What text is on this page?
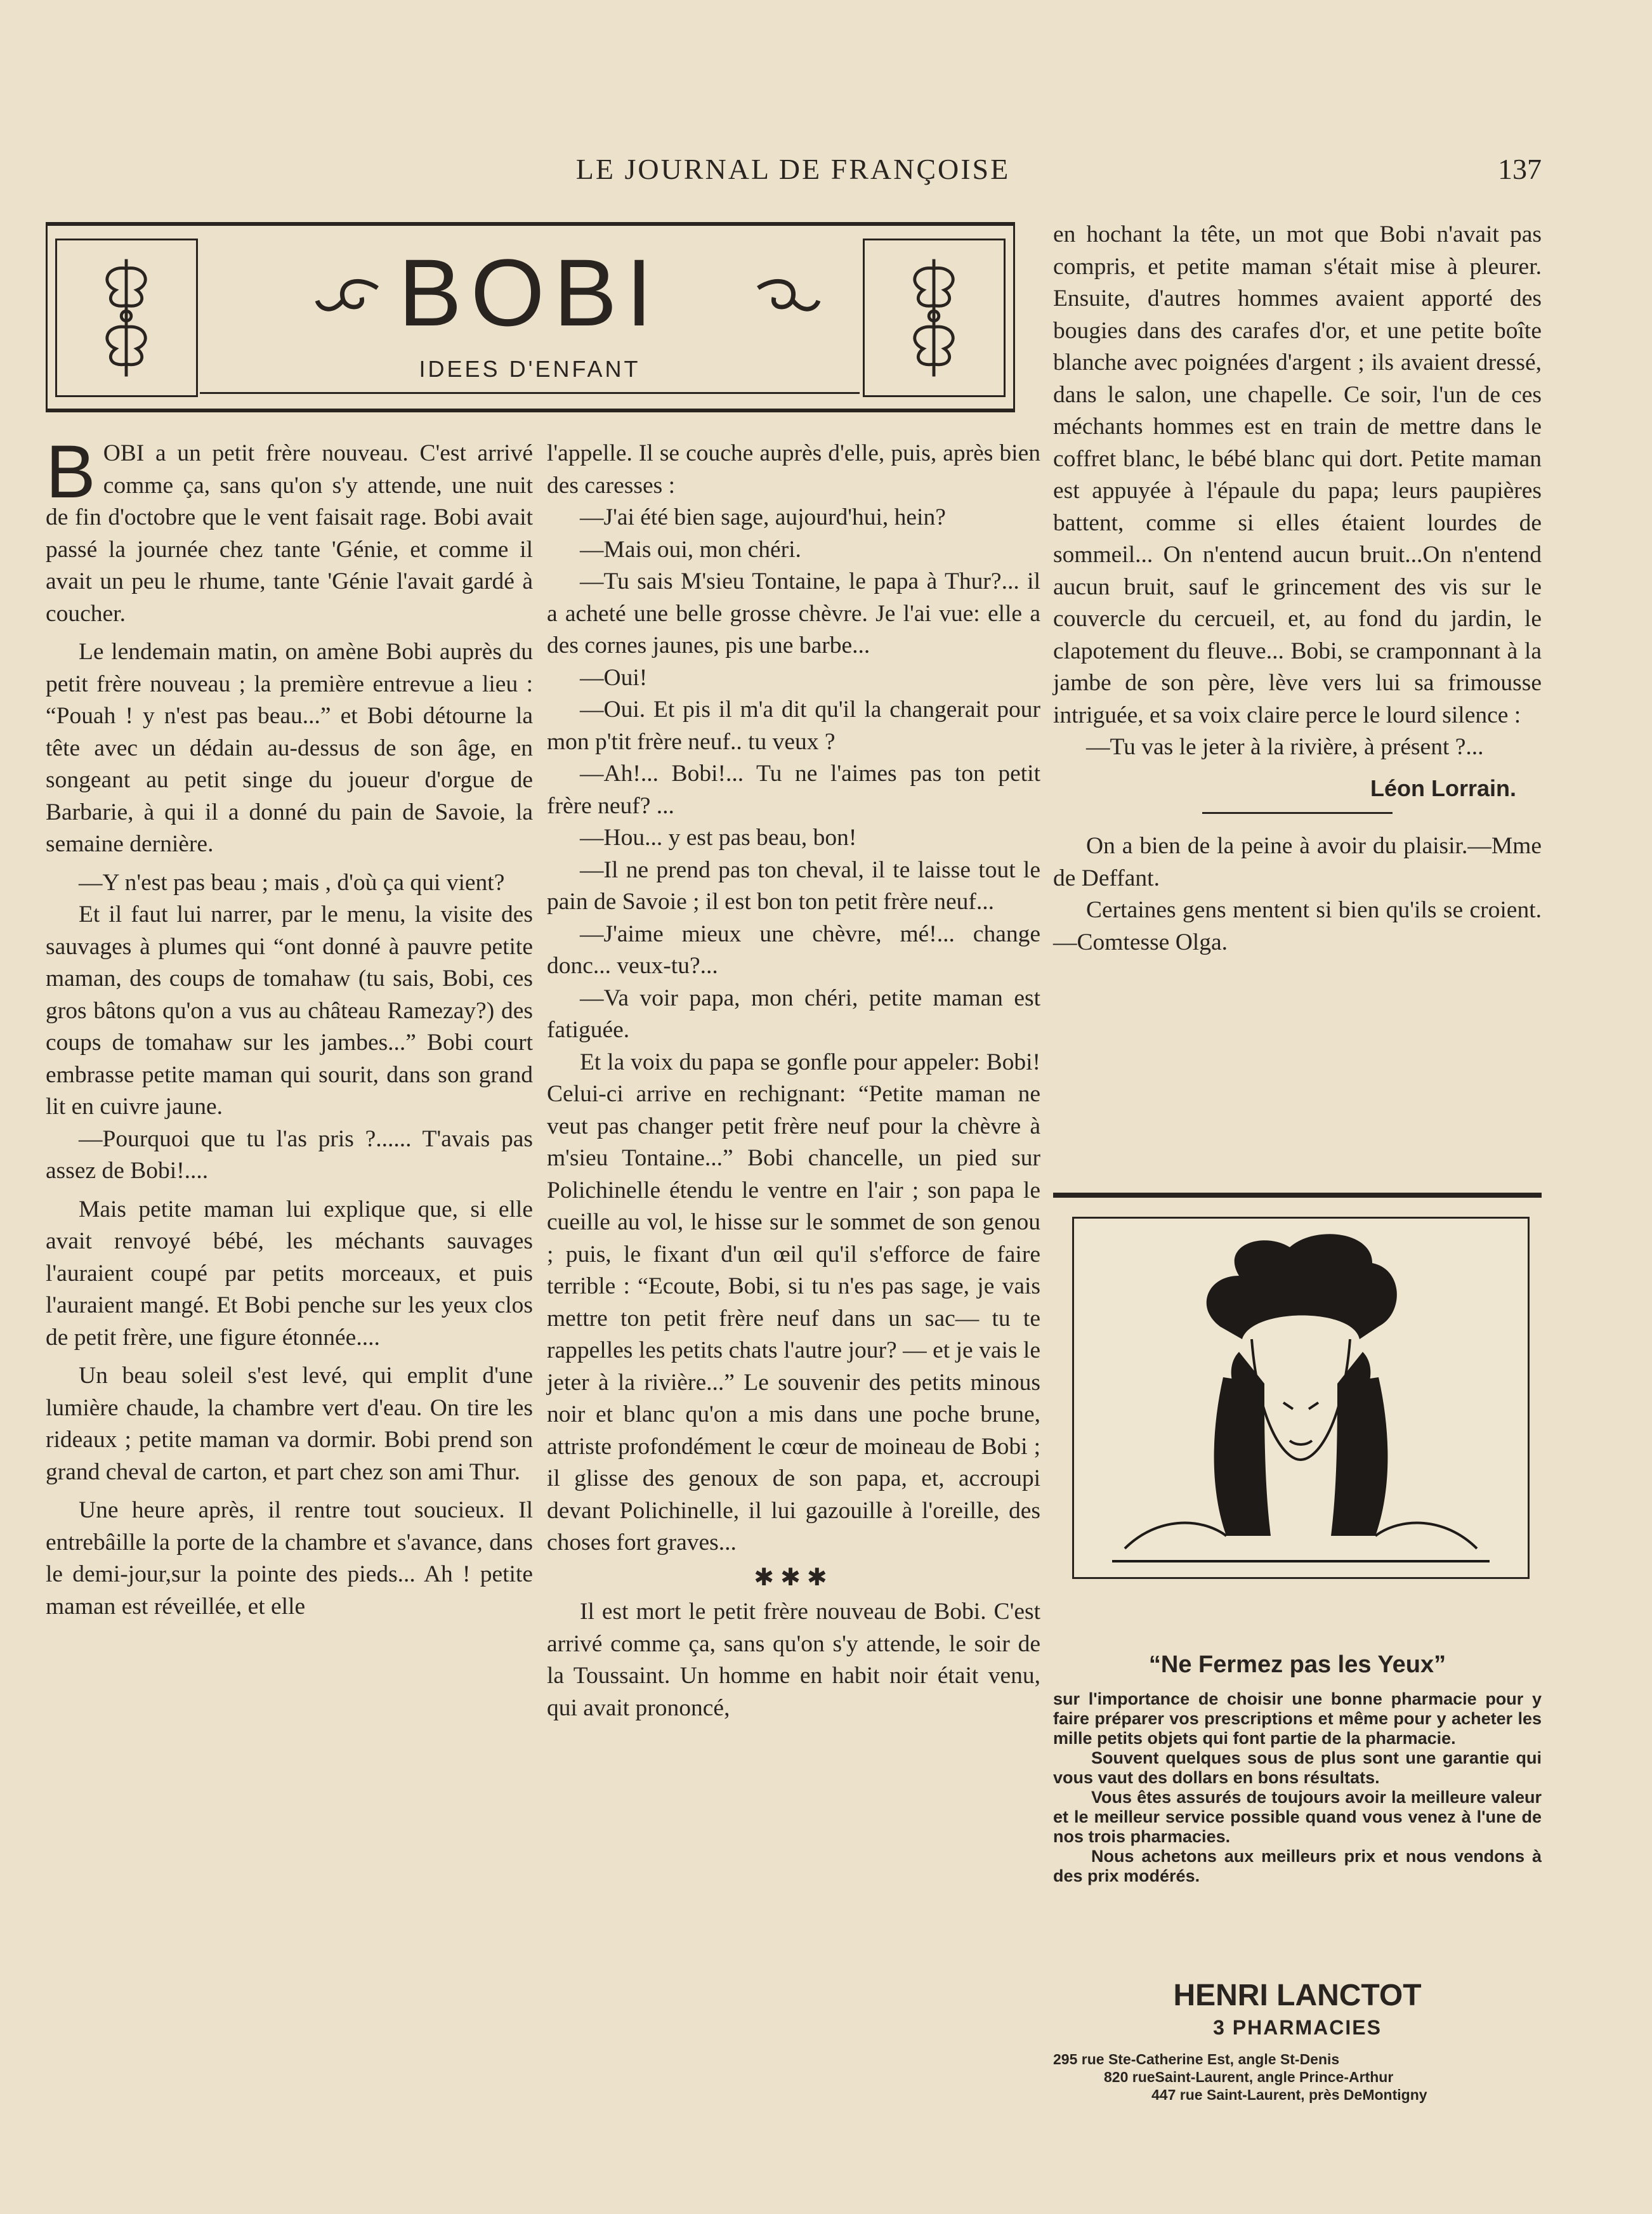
LE JOURNAL DE FRANÇOISE	137
BOBI
IDEES D'ENFANT

BOBI a un petit frère nouveau. C'est arrivé comme ça, sans qu'on s'y attende, une nuit de fin d'octobre que le vent faisait rage. Bobi avait passé la journée chez tante 'Génie, et comme il avait un peu le rhume, tante 'Génie l'avait gardé à coucher.

Le lendemain matin, on amène Bobi auprès du petit frère nouveau ; la première entrevue a lieu : “Pouah ! y n'est pas beau...” et Bobi détourne la tête avec un dédain au-dessus de son âge, en songeant au petit singe du joueur d'orgue de Barbarie, à qui il a donné du pain de Savoie, la semaine dernière.

—Y n'est pas beau ; mais , d'où ça qui vient?

Et il faut lui narrer, par le menu, la visite des sauvages à plumes qui “ont donné à pauvre petite maman, des coups de tomahaw (tu sais, Bobi, ces gros bâtons qu'on a vus au château Ramezay?) des coups de tomahaw sur les jambes...” Bobi court embrasse petite maman qui sourit, dans son grand lit en cuivre jaune.

—Pourquoi que tu l'as pris ?...... T'avais pas assez de Bobi!....

Mais petite maman lui explique que, si elle avait renvoyé bébé, les méchants sauvages l'auraient coupé par petits morceaux, et puis l'auraient mangé. Et Bobi penche sur les yeux clos de petit frère, une figure étonnée....

Un beau soleil s'est levé, qui emplit d'une lumière chaude, la chambre vert d'eau. On tire les rideaux ; petite maman va dormir. Bobi prend son grand cheval de carton, et part chez son ami Thur.

Une heure après, il rentre tout soucieux. Il entrebâille la porte de la chambre et s'avance, dans le demi-jour,sur la pointe des pieds... Ah ! petite maman est réveillée, et elle

l'appelle. Il se couche auprès d'elle, puis, après bien des caresses :

—J'ai été bien sage, aujourd'hui, hein?

—Mais oui, mon chéri.

—Tu sais M'sieu Tontaine, le papa à Thur?... il a acheté une belle grosse chèvre. Je l'ai vue: elle a des cornes jaunes, pis une barbe...

—Oui!

—Oui. Et pis il m'a dit qu'il la changerait pour mon p'tit frère neuf.. tu veux ?

—Ah!... Bobi!... Tu ne l'aimes pas ton petit frère neuf? ...

—Hou... y est pas beau, bon!

—Il ne prend pas ton cheval, il te laisse tout le pain de Savoie ; il est bon ton petit frère neuf...

—J'aime mieux une chèvre, mé!... change donc... veux-tu?...

—Va voir papa, mon chéri, petite maman est fatiguée.

Et la voix du papa se gonfle pour appeler: Bobi! Celui-ci arrive en rechignant: “Petite maman ne veut pas changer petit frère neuf pour la chèvre à m'sieu Tontaine...” Bobi chancelle, un pied sur Polichinelle étendu le ventre en l'air ; son papa le cueille au vol, le hisse sur le sommet de son genou ; puis, le fixant d'un œil qu'il s'efforce de faire terrible : “Ecoute, Bobi, si tu n'es pas sage, je vais mettre ton petit frère neuf dans un sac— tu te rappelles les petits chats l'autre jour? — et je vais le jeter à la rivière...” Le souvenir des petits minous noir et blanc qu'on a mis dans une poche brune, attriste profondément le cœur de moineau de Bobi ; il glisse des genoux de son papa, et, accroupi devant Polichinelle, il lui gazouille à l'oreille, des choses fort graves...

✱✱✱

Il est mort le petit frère nouveau de Bobi. C'est arrivé comme ça, sans qu'on s'y attende, le soir de la Toussaint. Un homme en habit noir était venu, qui avait prononcé,

en hochant la tête, un mot que Bobi n'avait pas compris, et petite maman s'était mise à pleurer. Ensuite, d'autres hommes avaient apporté des bougies dans des carafes d'or, et une petite boîte blanche avec poignées d'argent ; ils avaient dressé, dans le salon, une chapelle. Ce soir, l'un de ces méchants hommes est en train de mettre dans le coffret blanc, le bébé blanc qui dort. Petite maman est appuyée à l'épaule du papa; leurs paupières battent, comme si elles étaient lourdes de sommeil... On n'entend aucun bruit...On n'entend aucun bruit, sauf le grincement des vis sur le couvercle du cercueil, et, au fond du jardin, le clapotement du fleuve... Bobi, se cramponnant à la jambe de son père, lève vers lui sa frimousse intriguée, et sa voix claire perce le lourd silence :

—Tu vas le jeter à la rivière, à présent ?...

Léon Lorrain.

On a bien de la peine à avoir du plaisir.—Mme de Deffant.

Certaines gens mentent si bien qu'ils se croient.—Comtesse Olga.

“Ne Fermez pas les Yeux”

sur l'importance de choisir une bonne pharmacie pour y faire préparer vos prescriptions et même pour y acheter les mille petits objets qui font partie de la pharmacie.

Souvent quelques sous de plus sont une garantie qui vous vaut des dollars en bons résultats.

Vous êtes assurés de toujours avoir la meilleure valeur et le meilleur service possible quand vous venez à l'une de nos trois pharmacies.

Nous achetons aux meilleurs prix et nous vendons à des prix modérés.

HENRI LANCTOT
3 PHARMACIES
295 rue Ste-Catherine Est, angle St-Denis
820 rueSaint-Laurent, angle Prince-Arthur
447 rue Saint-Laurent, près DeMontigny
